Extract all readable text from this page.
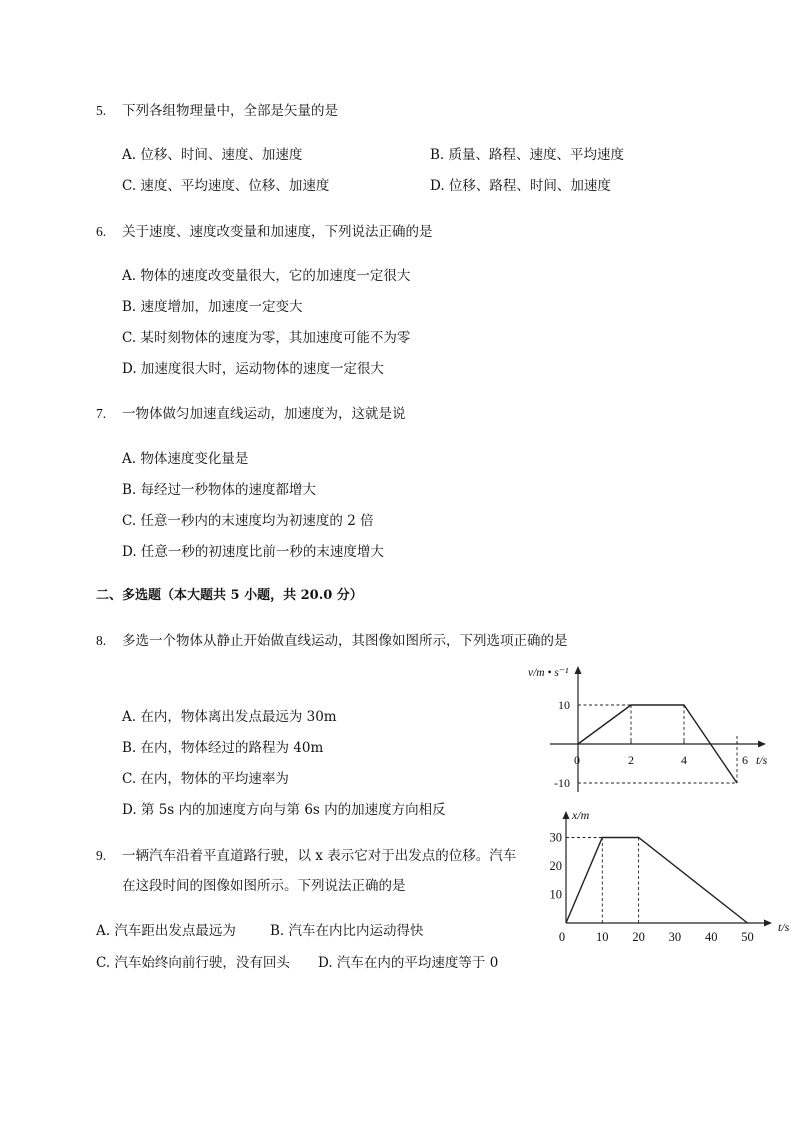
5. 下列各组物理量中，全部是矢量的是
A. 位移、时间、速度、加速度	B. 质量、路程、速度、平均速度
C. 速度、平均速度、位移、加速度	D. 位移、路程、时间、加速度
6. 关于速度、速度改变量和加速度，下列说法正确的是
A. 物体的速度改变量很大，它的加速度一定很大
B. 速度增加，加速度一定变大
C. 某时刻物体的速度为零，其加速度可能不为零
D. 加速度很大时，运动物体的速度一定很大
7. 一物体做匀加速直线运动，加速度为，这就是说
A. 物体速度变化量是
B. 每经过一秒物体的速度都增大
C. 任意一秒内的末速度均为初速度的 2 倍
D. 任意一秒的初速度比前一秒的末速度增大
二、多选题（本大题共 5 小题，共 20.0 分）
8. 多选一个物体从静止开始做直线运动，其图像如图所示，下列选项正确的是
A. 在内，物体离出发点最远为 30m
B. 在内，物体经过的路程为 40m
C. 在内，物体的平均速率为
D. 第 5s 内的加速度方向与第 6s 内的加速度方向相反
9. 一辆汽车沿着平直道路行驶，以 x 表示它对于出发点的位移。汽车
在这段时间的图像如图所示。下列说法正确的是
A. 汽车距出发点最远为	B. 汽车在内比内运动得快
C. 汽车始终向前行驶，没有回头 D. 汽车在内的平均速度等于 0
0	2	4	6
10
-10
v/m • s⁻¹
t/s
0 10 20 30 40 50
10
20
30
x/m
t/s
